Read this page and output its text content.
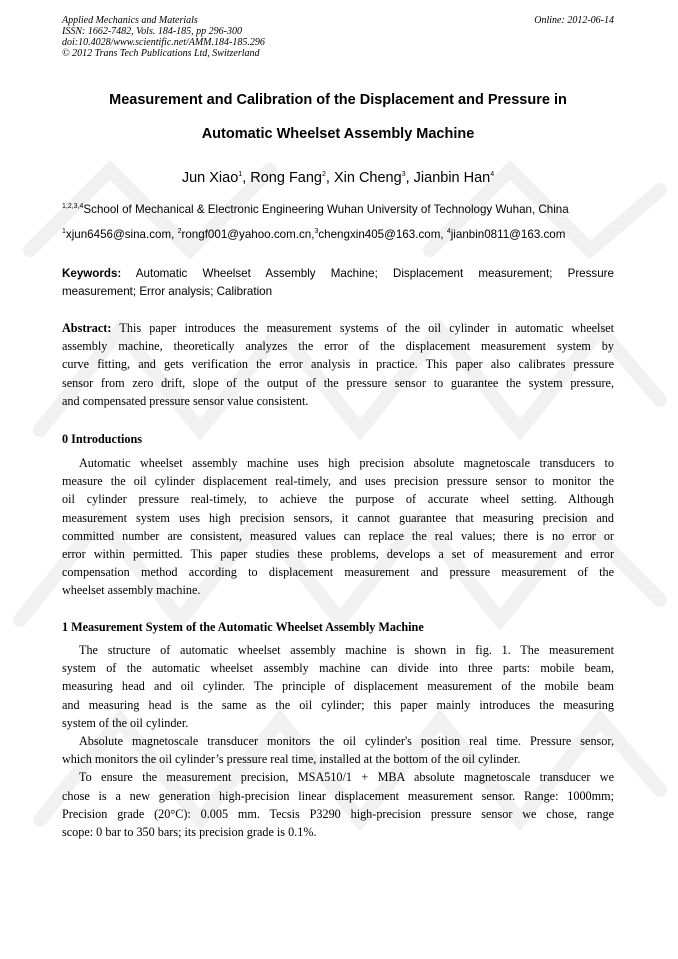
Applied Mechanics and Materials
ISSN: 1662-7482, Vols. 184-185, pp 296-300
doi:10.4028/www.scientific.net/AMM.184-185.296
© 2012 Trans Tech Publications Ltd, Switzerland
Online: 2012-06-14
Measurement and Calibration of the Displacement and Pressure in
Automatic Wheelset Assembly Machine
Jun Xiao$^1$, Rong Fang$^2$, Xin Cheng$^3$, Jianbin Han$^4$
$^{1,2,3,4}$School of Mechanical & Electronic Engineering Wuhan University of Technology Wuhan, China
$^1$xjun6456@sina.com, $^2$rongf001@yahoo.com.cn,$^3$chengxin405@163.com, $^4$jianbin0811@163.com
Keywords: Automatic Wheelset Assembly Machine; Displacement measurement; Pressure
measurement; Error analysis; Calibration
Abstract: This paper introduces the measurement systems of the oil cylinder in automatic wheelset
assembly machine, theoretically analyzes the error of the displacement measurement system by
curve fitting, and gets verification the error analysis in practice. This paper also calibrates pressure
sensor from zero drift, slope of the output of the pressure sensor to guarantee the system pressure,
and compensated pressure sensor value consistent.
0 Introductions
Automatic wheelset assembly machine uses high precision absolute magnetoscale transducers to
measure the oil cylinder displacement real-timely, and uses precision pressure sensor to monitor the
oil cylinder pressure real-timely, to achieve the purpose of accurate wheel setting. Although
measurement system uses high precision sensors, it cannot guarantee that measuring precision and
committed number are consistent, measured values can replace the real values; there is no error or
error within permitted. This paper studies these problems, develops a set of measurement and error
compensation method according to displacement measurement and pressure measurement of the
wheelset assembly machine.
1 Measurement System of the Automatic Wheelset Assembly Machine
The structure of automatic wheelset assembly machine is shown in fig. 1. The measurement
system of the automatic wheelset assembly machine can divide into three parts: mobile beam,
measuring head and oil cylinder. The principle of displacement measurement of the mobile beam
and measuring head is the same as the oil cylinder; this paper mainly introduces the measuring
system of the oil cylinder.
Absolute magnetoscale transducer monitors the oil cylinder's position real time. Pressure sensor,
which monitors the oil cylinder’s pressure real time, installed at the bottom of the oil cylinder.
To ensure the measurement precision, MSA510/1 + MBA absolute magnetoscale transducer we
chose is a new generation high-precision linear displacement measurement sensor. Range: 1000mm;
Precision grade (20°C): 0.005 mm. Tecsis P3290 high-precision pressure sensor we chose, range
scope: 0 bar to 350 bars; its precision grade is 0.1%.
